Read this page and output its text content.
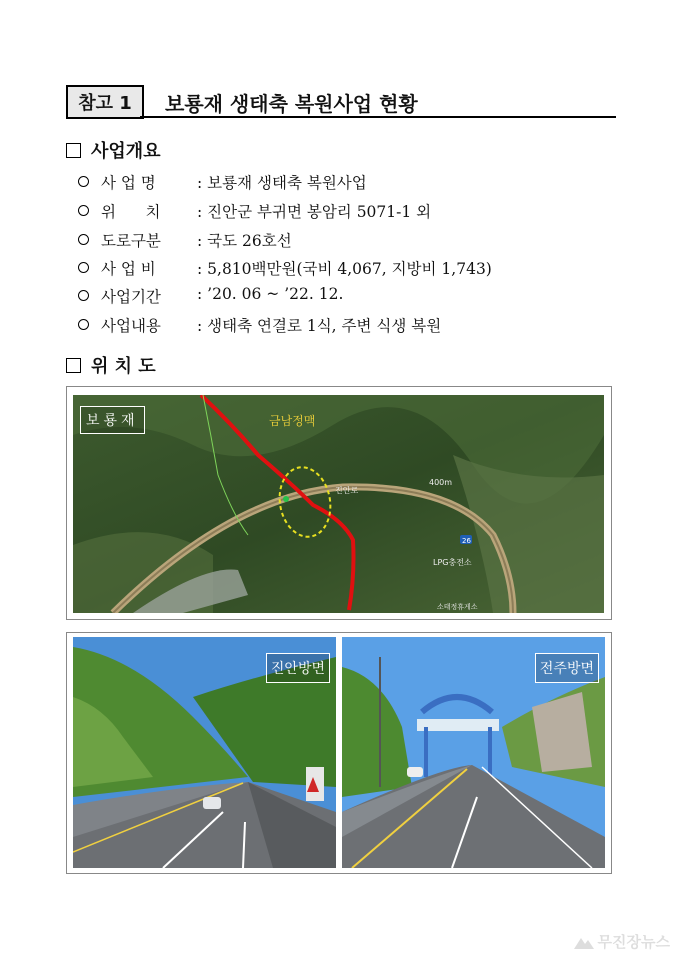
참고 1 보룡재 생태축 복원사업 현황
사업개요
사 업 명	: 보룡재 생태축 복원사업
위      치	: 진안군 부귀면 봉암리 5071-1 외
도로구분	: 국도 26호선
사 업 비	: 5,810백만원(국비 4,067, 지방비 1,743)
사업기간	: ’20. 06 ~ ’22. 12.
사업내용	: 생태축 연결로 1식, 주변 식생 복원
위 치 도
금남정맥
진안로
400m
26
LPG충전소
소태정휴게소
보룡재
진안방면	전주방면
무진장뉴스
